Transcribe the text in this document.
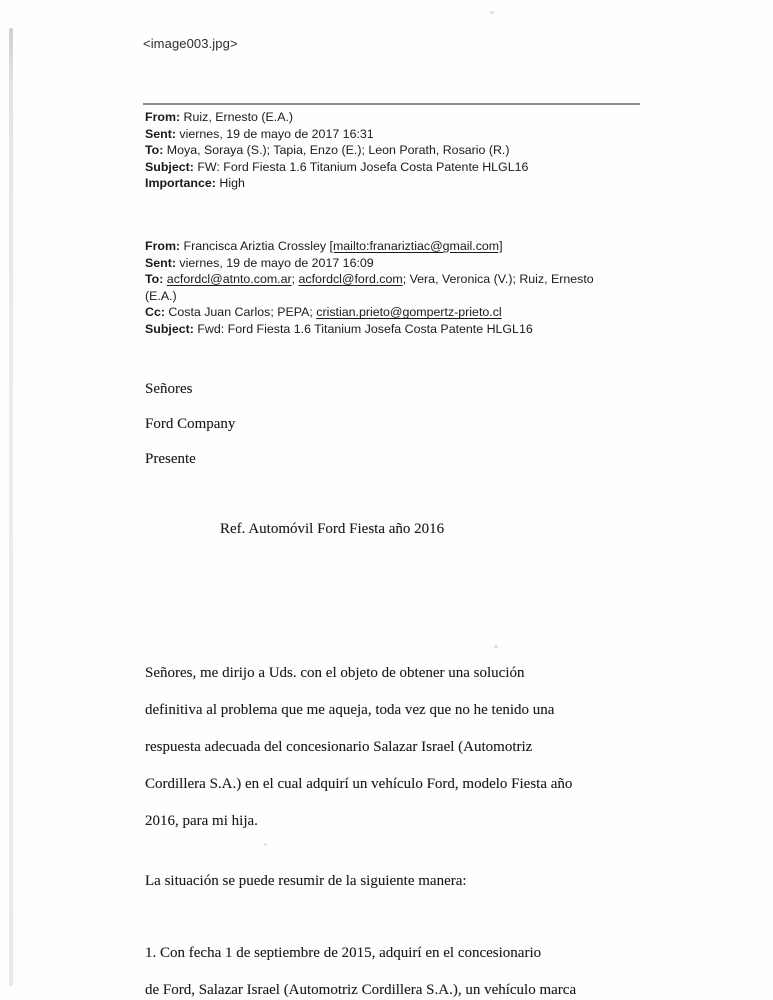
<image003.jpg>
From: Ruiz, Ernesto (E.A.)
Sent: viernes, 19 de mayo de 2017 16:31
To: Moya, Soraya (S.); Tapia, Enzo (E.); Leon Porath, Rosario (R.)
Subject: FW: Ford Fiesta 1.6 Titanium Josefa Costa Patente HLGL16
Importance: High
From: Francisca Ariztia Crossley [mailto:franariztiac@gmail.com]
Sent: viernes, 19 de mayo de 2017 16:09
To: acfordcl@atnto.com.ar; acfordcl@ford.com; Vera, Veronica (V.); Ruiz, Ernesto
(E.A.)
Cc: Costa Juan Carlos; PEPA; cristian.prieto@gompertz-prieto.cl
Subject: Fwd: Ford Fiesta 1.6 Titanium Josefa Costa Patente HLGL16
Señores
Ford Company
Presente
Ref. Automóvil Ford Fiesta año 2016
Señores, me dirijo a Uds. con el objeto de obtener una solución
definitiva al problema que me aqueja, toda vez que no he tenido una
respuesta adecuada del concesionario Salazar Israel (Automotriz
Cordillera S.A.) en el cual adquirí un vehículo Ford, modelo Fiesta año
2016, para mi hija.
La situación se puede resumir de la siguiente manera:
1. Con fecha 1 de septiembre de 2015, adquirí en el concesionario
de Ford, Salazar Israel (Automotriz Cordillera S.A.), un vehículo marca
